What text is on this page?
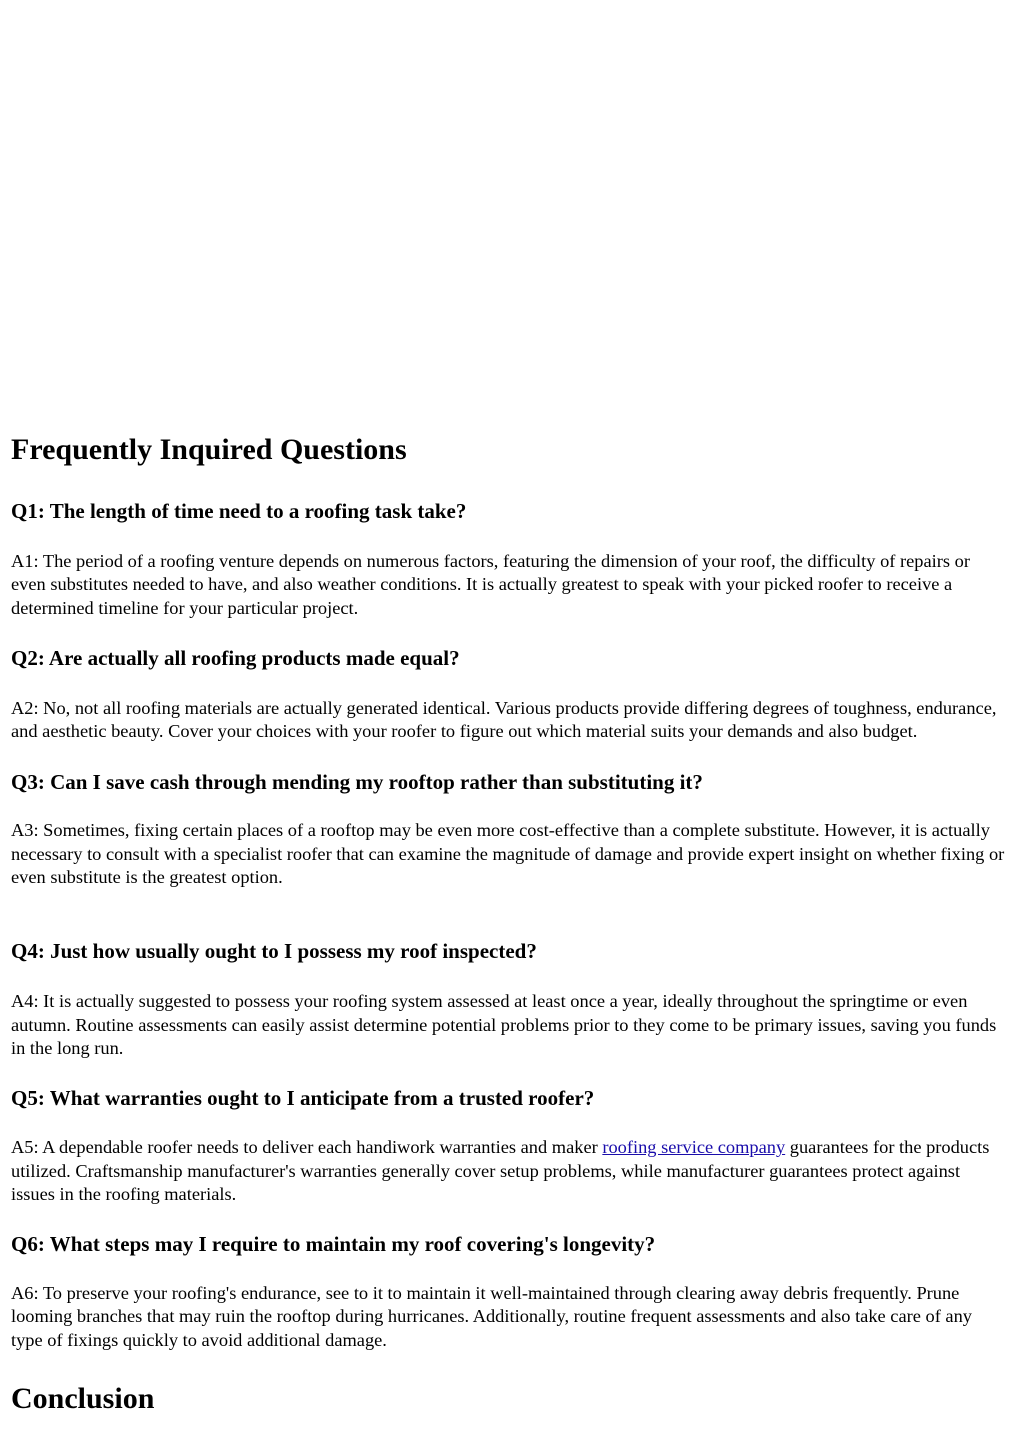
Frequently Inquired Questions
Q1: The length of time need to a roofing task take?

A1: The period of a roofing venture depends on numerous factors, featuring the dimension of your roof, the difficulty of repairs or even substitutes needed to have, and also weather conditions. It is actually greatest to speak with your picked roofer to receive a determined timeline for your particular project.

Q2: Are actually all roofing products made equal?

A2: No, not all roofing materials are actually generated identical. Various products provide differing degrees of toughness, endurance, and aesthetic beauty. Cover your choices with your roofer to figure out which material suits your demands and also budget.

Q3: Can I save cash through mending my rooftop rather than substituting it?

A3: Sometimes, fixing certain places of a rooftop may be even more cost-effective than a complete substitute. However, it is actually necessary to consult with a specialist roofer that can examine the magnitude of damage and provide expert insight on whether fixing or even substitute is the greatest option.

Q4: Just how usually ought to I possess my roof inspected?

A4: It is actually suggested to possess your roofing system assessed at least once a year, ideally throughout the springtime or even autumn. Routine assessments can easily assist determine potential problems prior to they come to be primary issues, saving you funds in the long run.

Q5: What warranties ought to I anticipate from a trusted roofer?

A5: A dependable roofer needs to deliver each handiwork warranties and maker roofing service company guarantees for the products utilized. Craftsmanship manufacturer's warranties generally cover setup problems, while manufacturer guarantees protect against issues in the roofing materials.

Q6: What steps may I require to maintain my roof covering's longevity?

A6: To preserve your roofing's endurance, see to it to maintain it well-maintained through clearing away debris frequently. Prune looming branches that may ruin the rooftop during hurricanes. Additionally, routine frequent assessments and also take care of any type of fixings quickly to avoid additional damage.

Conclusion
